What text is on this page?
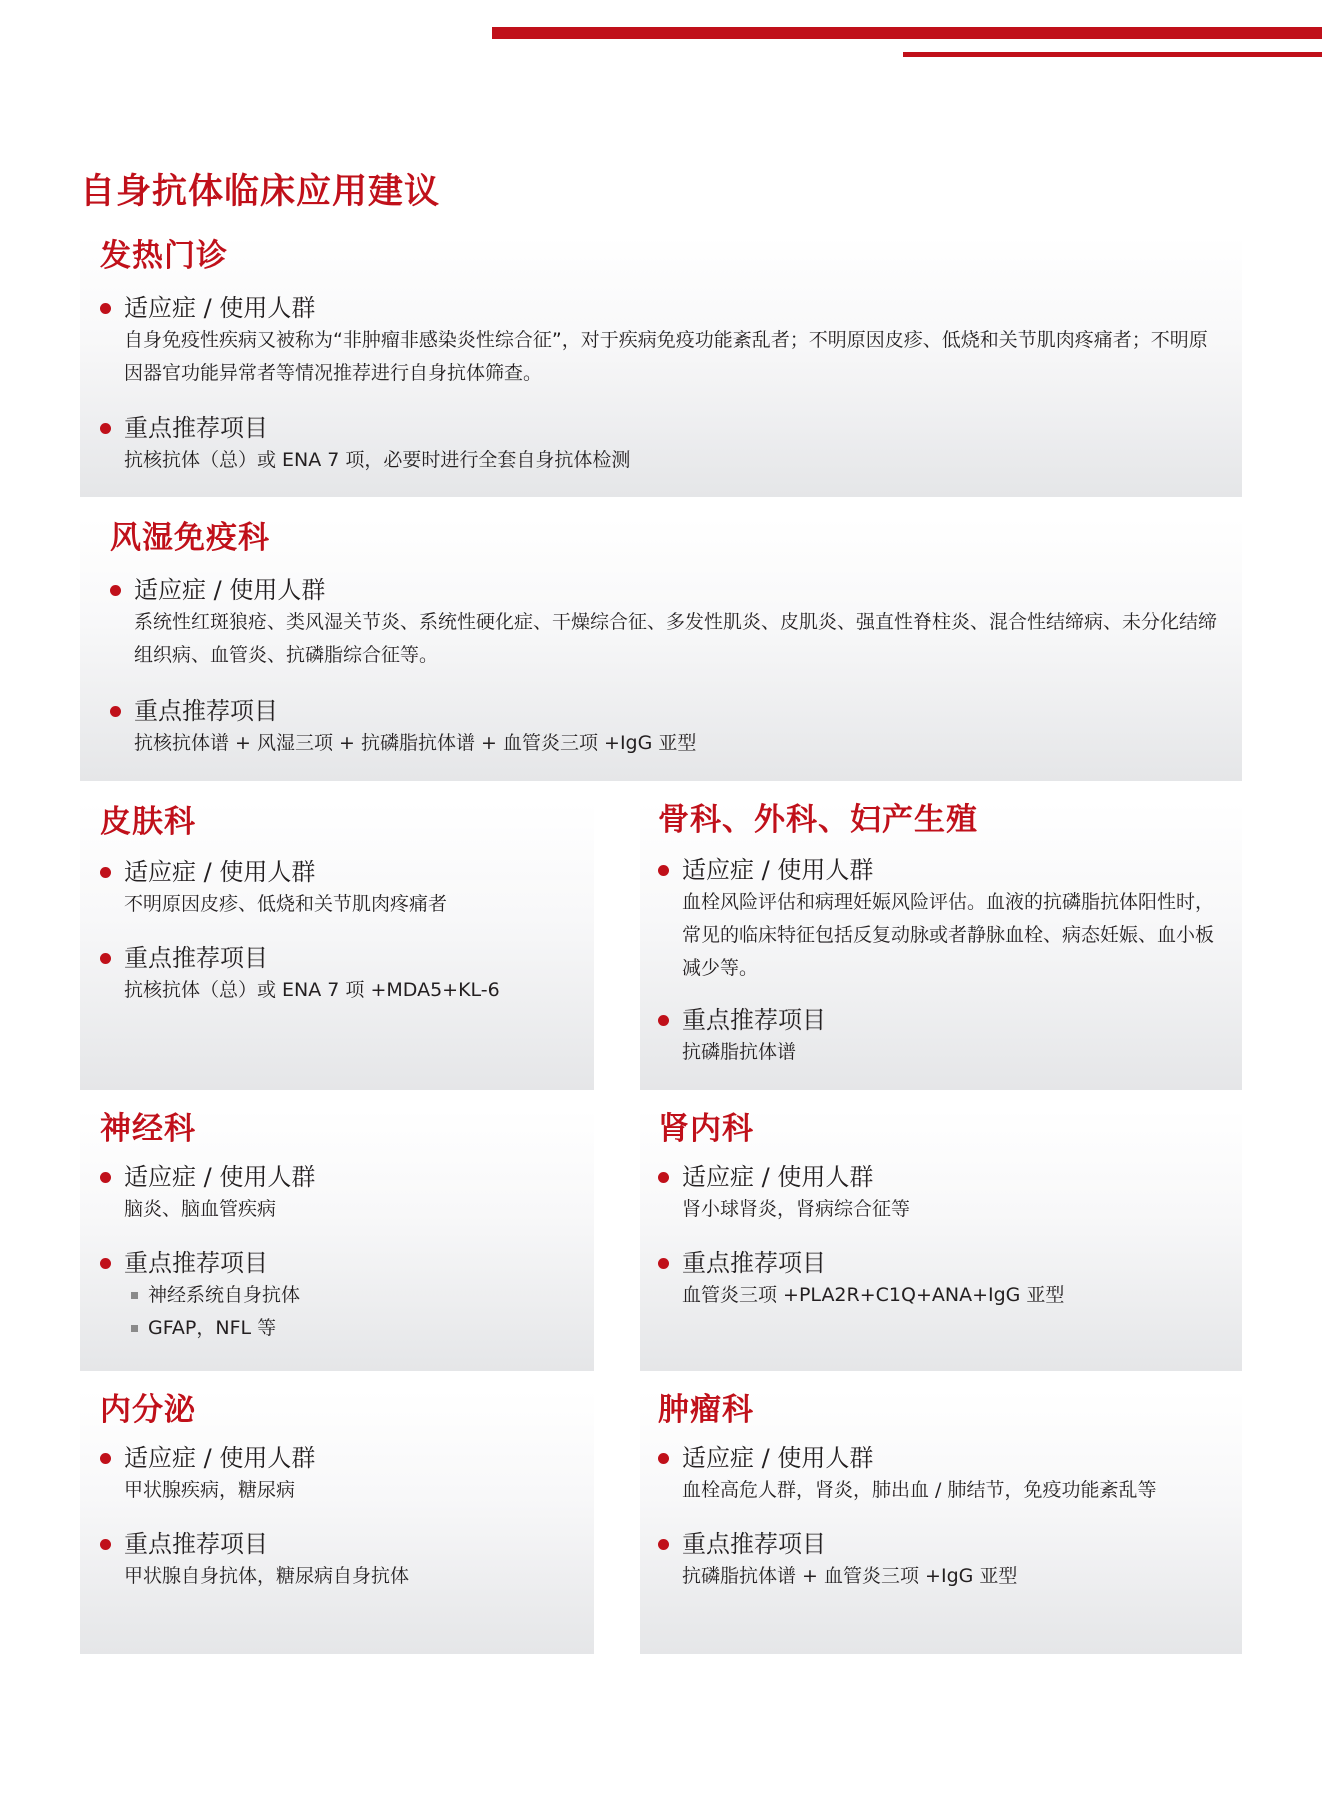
自身抗体临床应用建议
发热门诊
适应症 / 使用人群
自身免疫性疾病又被称为“非肿瘤非感染炎性综合征”，对于疾病免疫功能紊乱者；不明原因皮疹、低烧和关节肌肉疼痛者；不明原因器官功能异常者等情况推荐进行自身抗体筛查。
重点推荐项目
抗核抗体（总）或 ENA 7 项，必要时进行全套自身抗体检测
风湿免疫科
适应症 / 使用人群
系统性红斑狼疮、类风湿关节炎、系统性硬化症、干燥综合征、多发性肌炎、皮肌炎、强直性脊柱炎、混合性结缔病、未分化结缔组织病、血管炎、抗磷脂综合征等。
重点推荐项目
抗核抗体谱 + 风湿三项 + 抗磷脂抗体谱 + 血管炎三项 +IgG 亚型
皮肤科
适应症 / 使用人群
不明原因皮疹、低烧和关节肌肉疼痛者
重点推荐项目
抗核抗体（总）或 ENA 7 项 +MDA5+KL-6
骨科、外科、妇产生殖
适应症 / 使用人群
血栓风险评估和病理妊娠风险评估。血液的抗磷脂抗体阳性时，常见的临床特征包括反复动脉或者静脉血栓、病态妊娠、血小板减少等。
重点推荐项目
抗磷脂抗体谱
神经科
适应症 / 使用人群
脑炎、脑血管疾病
重点推荐项目
神经系统自身抗体
GFAP，NFL 等
肾内科
适应症 / 使用人群
肾小球肾炎，肾病综合征等
重点推荐项目
血管炎三项 +PLA2R+C1Q+ANA+IgG 亚型
内分泌
适应症 / 使用人群
甲状腺疾病，糖尿病
重点推荐项目
甲状腺自身抗体，糖尿病自身抗体
肿瘤科
适应症 / 使用人群
血栓高危人群，肾炎，肺出血 / 肺结节，免疫功能紊乱等
重点推荐项目
抗磷脂抗体谱 + 血管炎三项 +IgG 亚型
